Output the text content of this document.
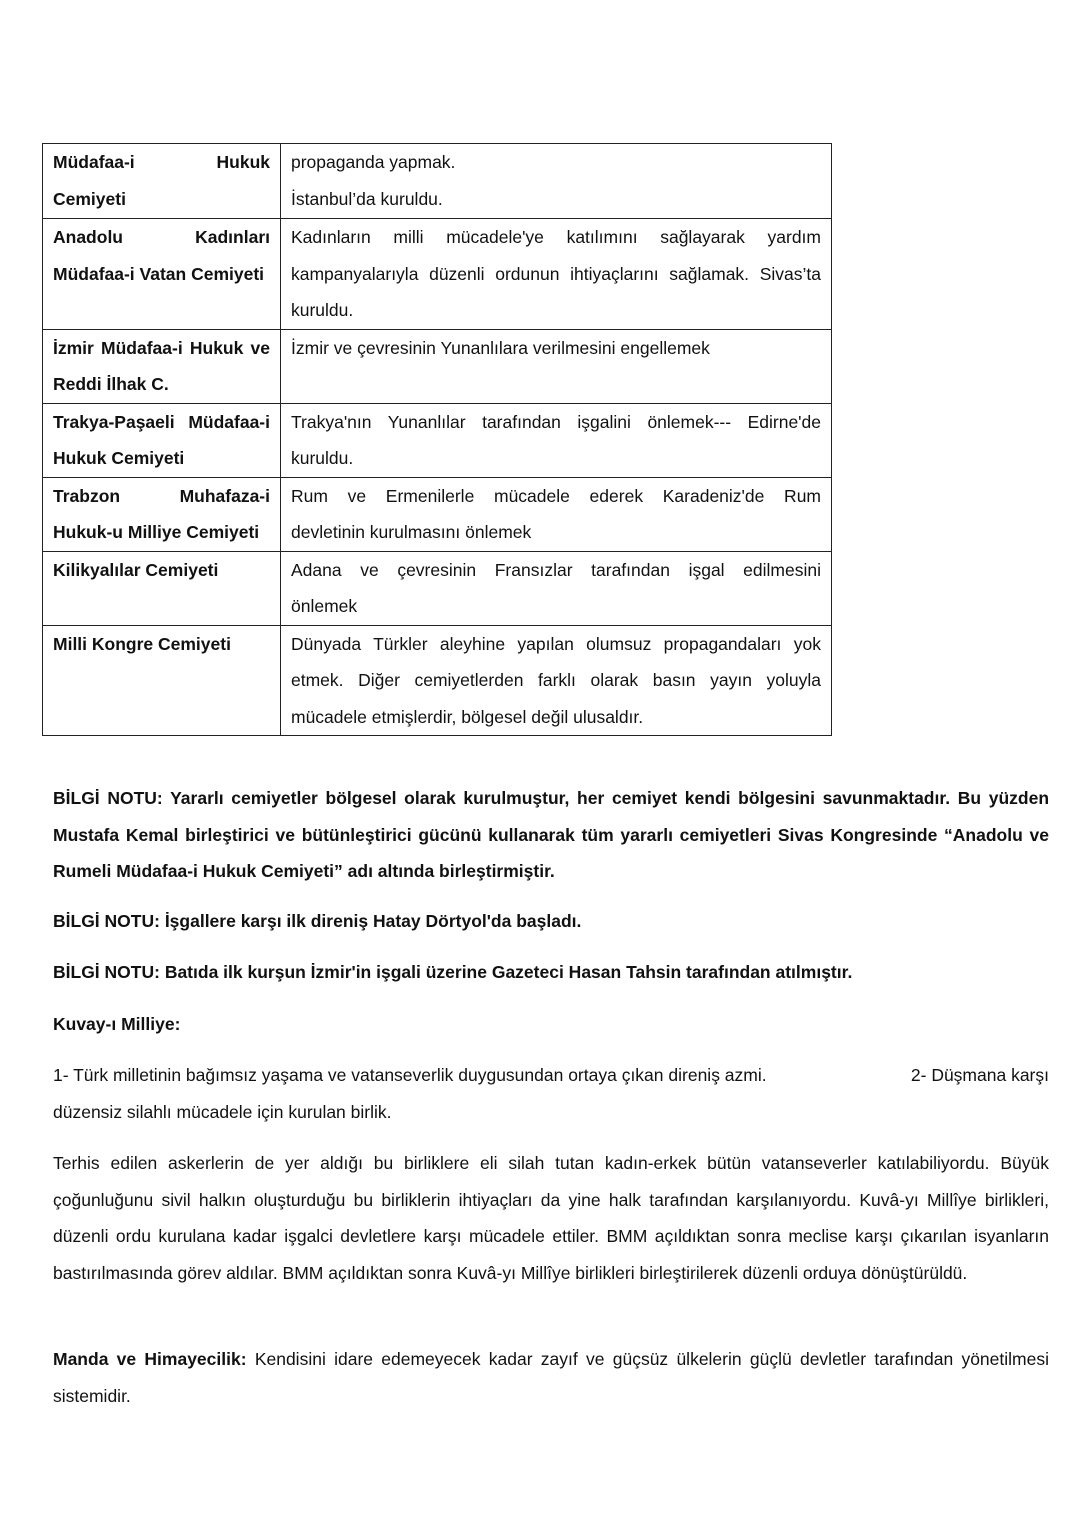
Müdafaa-i Hukuk
Cemiyeti	propaganda yapmak.
İstanbul’da kuruldu.

Anadolu Kadınları
Müdafaa-i Vatan Cemiyeti	Kadınların milli mücadele'ye katılımını sağlayarak yardım
kampanyalarıyla düzenli ordunun ihtiyaçlarını sağlamak. Sivas’ta
kuruldu.

İzmir Müdafaa-i Hukuk ve
Reddi İlhak C.	İzmir ve çevresinin Yunanlılara verilmesini engellemek

Trakya-Paşaeli Müdafaa-i
Hukuk Cemiyeti	Trakya'nın Yunanlılar tarafından işgalini önlemek--- Edirne'de
kuruldu.

Trabzon Muhafaza-i
Hukuk-u Milliye Cemiyeti	Rum ve Ermenilerle mücadele ederek Karadeniz'de Rum
devletinin kurulmasını önlemek

Kilikyalılar Cemiyeti	Adana ve çevresinin Fransızlar tarafından işgal edilmesini
önlemek

Milli Kongre Cemiyeti	Dünyada Türkler aleyhine yapılan olumsuz propagandaları yok
etmek. Diğer cemiyetlerden farklı olarak basın yayın yoluyla
mücadele etmişlerdir, bölgesel değil ulusaldır.

BİLGİ NOTU: Yararlı cemiyetler bölgesel olarak kurulmuştur, her cemiyet kendi bölgesini savunmaktadır. Bu yüzden Mustafa Kemal birleştirici ve bütünleştirici gücünü kullanarak tüm yararlı cemiyetleri Sivas Kongresinde “Anadolu ve Rumeli Müdafaa-i Hukuk Cemiyeti” adı altında birleştirmiştir.

BİLGİ NOTU: İşgallere karşı ilk direniş Hatay Dörtyol'da başladı.

BİLGİ NOTU: Batıda ilk kurşun İzmir'in işgali üzerine Gazeteci Hasan Tahsin tarafından atılmıştır.

Kuvay-ı Milliye:

1- Türk milletinin bağımsız yaşama ve vatanseverlik duygusundan ortaya çıkan direniş azmi.	2- Düşmana karşı
düzensiz silahlı mücadele için kurulan birlik.

Terhis edilen askerlerin de yer aldığı bu birliklere eli silah tutan kadın-erkek bütün vatanseverler katılabiliyordu. Büyük çoğunluğunu sivil halkın oluşturduğu bu birliklerin ihtiyaçları da yine halk tarafından karşılanıyordu. Kuvâ-yı Millîye birlikleri, düzenli ordu kurulana kadar işgalci devletlere karşı mücadele ettiler. BMM açıldıktan sonra meclise karşı çıkarılan isyanların bastırılmasında görev aldılar. BMM açıldıktan sonra Kuvâ-yı Millîye birlikleri birleştirilerek düzenli orduya dönüştürüldü.

Manda ve Himayecilik: Kendisini idare edemeyecek kadar zayıf ve güçsüz ülkelerin güçlü devletler tarafından yönetilmesi sistemidir.
